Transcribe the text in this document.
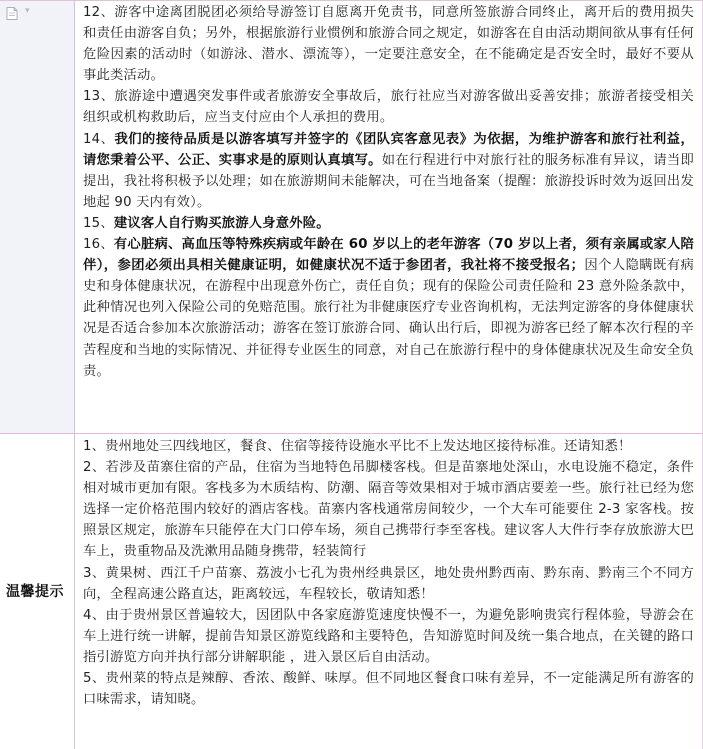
▾	12、游客中途离团脱团必须给导游签订自愿离开免责书，同意所签旅游合同终止，离开后的费用损失和责任由游客自负；另外，根据旅游行业惯例和旅游合同之规定，如游客在自由活动期间欲从事有任何危险因素的活动时（如游泳、潜水、漂流等），一定要注意安全，在不能确定是否安全时，最好不要从事此类活动。

13、旅游途中遭遇突发事件或者旅游安全事故后，旅行社应当对游客做出妥善安排；旅游者接受相关组织或机构救助后，应当支付应由个人承担的费用。

14、我们的接待品质是以游客填写并签字的《团队宾客意见表》为依据，为维护游客和旅行社利益，请您秉着公平、公正、实事求是的原则认真填写。如在行程进行中对旅行社的服务标准有异议，请当即提出，我社将积极予以处理；如在旅游期间未能解决，可在当地备案（提醒：旅游投诉时效为返回出发地起 90 天内有效）。

15、建议客人自行购买旅游人身意外险。

16、有心脏病、高血压等特殊疾病或年龄在 60 岁以上的老年游客（70 岁以上者，须有亲属或家人陪伴），参团必须出具相关健康证明，如健康状况不适于参团者，我社将不接受报名；因个人隐瞒既有病史和身体健康状况，在游程中出现意外伤亡，责任自负；现有的保险公司责任险和 23 意外险条款中，此种情况也列入保险公司的免赔范围。旅行社为非健康医疗专业咨询机构，无法判定游客的身体健康状况是否适合参加本次旅游活动；游客在签订旅游合同、确认出行后，即视为游客已经了解本次行程的辛苦程度和当地的实际情况、并征得专业医生的同意，对自己在旅游行程中的身体健康状况及生命安全负责。

温馨提示

1、贵州地处三四线地区，餐食、住宿等接待设施水平比不上发达地区接待标准。还请知悉！

2、若涉及苗寨住宿的产品，住宿为当地特色吊脚楼客栈。但是苗寨地处深山，水电设施不稳定，条件相对城市更加有限。客栈多为木质结构、防潮、隔音等效果相对于城市酒店要差一些。旅行社已经为您选择一定价格范围内较好的酒店客栈。苗寨内客栈通常房间较少，一个大车可能要住 2-3 家客栈。按照景区规定，旅游车只能停在大门口停车场，须自己携带行李至客栈。建议客人大件行李存放旅游大巴车上，贵重物品及洗漱用品随身携带，轻装简行

3、黄果树、西江千户苗寨、荔波小七孔为贵州经典景区，地处贵州黔西南、黔东南、黔南三个不同方向，全程高速公路直达，距离较远，车程较长，敬请知悉！

4、由于贵州景区普遍较大，因团队中各家庭游览速度快慢不一，为避免影响贵宾行程体验，导游会在车上进行统一讲解，提前告知景区游览线路和主要特色，告知游览时间及统一集合地点，在关键的路口指引游览方向并执行部分讲解职能 ，进入景区后自由活动。

5、贵州菜的特点是辣醇、香浓、酸鲜、味厚。但不同地区餐食口味有差异，不一定能满足所有游客的口味需求，请知晓。
